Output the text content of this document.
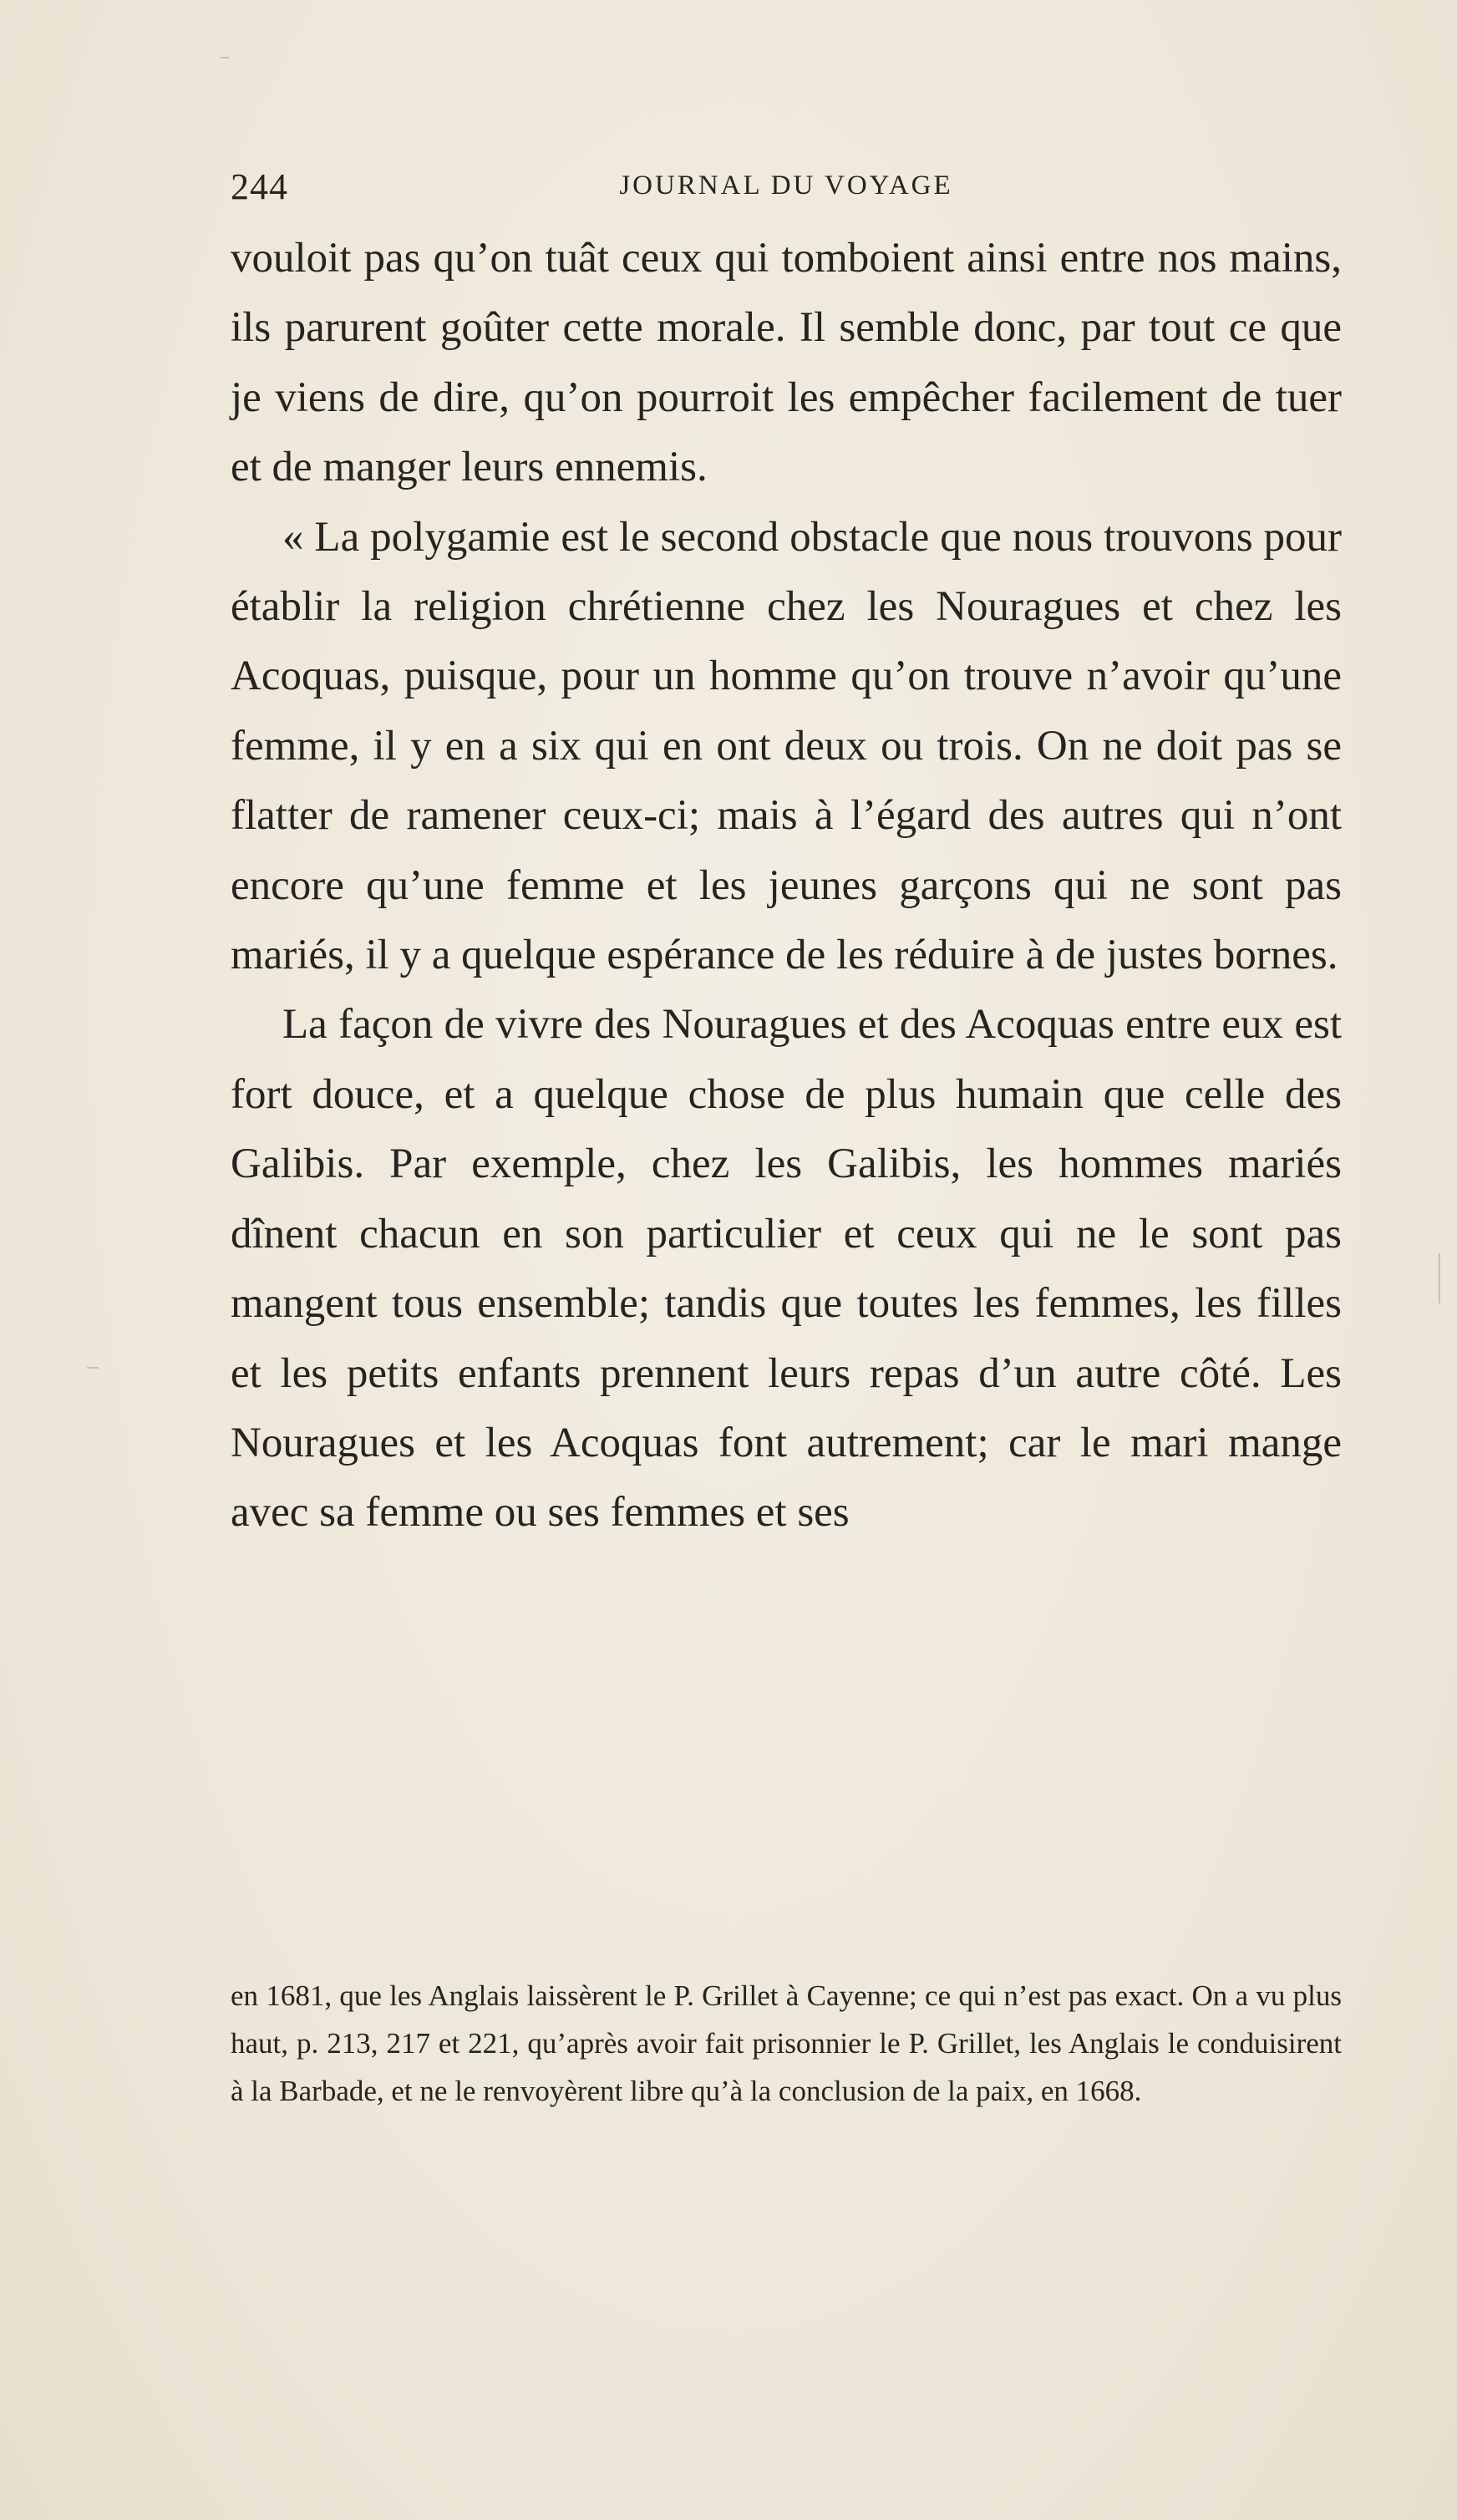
244	JOURNAL DU VOYAGE

vouloit pas qu’on tuât ceux qui tomboient ainsi entre nos mains, ils parurent goûter cette morale. Il semble donc, par tout ce que je viens de dire, qu’on pourroit les empêcher facilement de tuer et de manger leurs ennemis.

« La polygamie est le second obstacle que nous trouvons pour établir la religion chrétienne chez les Nouragues et chez les Acoquas, puisque, pour un homme qu’on trouve n’avoir qu’une femme, il y en a six qui en ont deux ou trois. On ne doit pas se flatter de ramener ceux-ci; mais à l’égard des autres qui n’ont encore qu’une femme et les jeunes garçons qui ne sont pas mariés, il y a quelque espérance de les réduire à de justes bornes.

La façon de vivre des Nouragues et des Acoquas entre eux est fort douce, et a quelque chose de plus humain que celle des Galibis. Par exemple, chez les Galibis, les hommes mariés dînent chacun en son particulier et ceux qui ne le sont pas mangent tous ensemble; tandis que toutes les femmes, les filles et les petits enfants prennent leurs repas d’un autre côté. Les Nouragues et les Acoquas font autrement; car le mari mange avec sa femme ou ses femmes et ses

en 1681, que les Anglais laissèrent le P. Grillet à Cayenne; ce qui n’est pas exact. On a vu plus haut, p. 213, 217 et 221, qu’après avoir fait prisonnier le P. Grillet, les Anglais le conduisirent à la Barbade, et ne le renvoyèrent libre qu’à la conclusion de la paix, en 1668.
